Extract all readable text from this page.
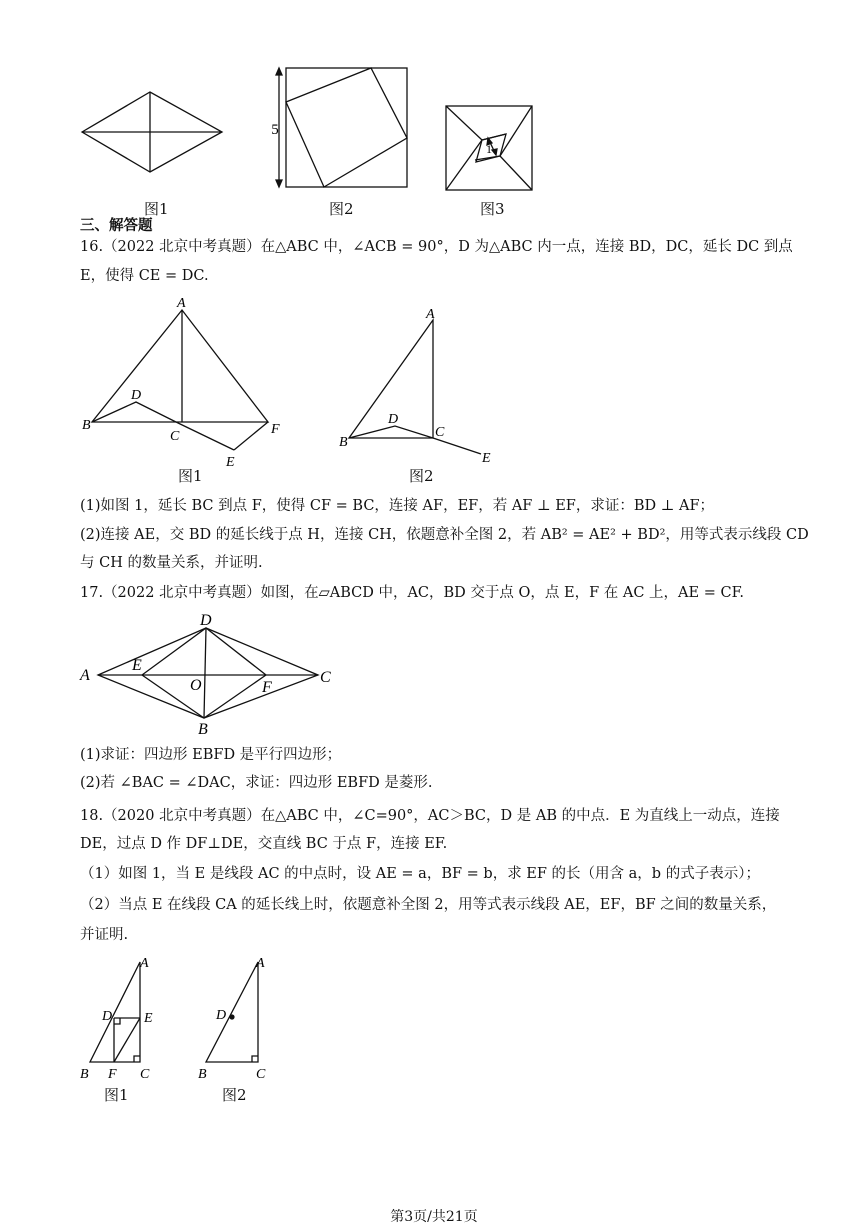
图1
5
图2
1
图3
三、解答题
16.（2022 北京中考真题）在△ABC 中，∠ACB = 90°，D 为△ABC 内一点，连接 BD，DC，延长 DC 到点
E，使得 CE = DC.
A
B
D
C	F
E
图1
A
B
D
C
E
图2
(1)如图 1，延长 BC 到点 F，使得 CF = BC，连接 AF，EF，若 AF ⊥ EF，求证：BD ⊥ AF；
(2)连接 AE，交 BD 的延长线于点 H，连接 CH，依题意补全图 2，若 AB² = AE² + BD²，用等式表示线段 CD
与 CH 的数量关系，并证明.
17.（2022 北京中考真题）如图，在▱ABCD 中，AC，BD 交于点 O，点 E，F 在 AC 上，AE = CF.
D
A
E
O	F
C
B
(1)求证：四边形 EBFD 是平行四边形；
(2)若 ∠BAC = ∠DAC，求证：四边形 EBFD 是菱形.
18.（2020 北京中考真题）在△ABC 中，∠C=90°，AC＞BC，D 是 AB 的中点．E 为直线上一动点，连接
DE，过点 D 作 DF⊥DE，交直线 BC 于点 F，连接 EF.
（1）如图 1，当 E 是线段 AC 的中点时，设 AE = a，BF = b，求 EF 的长（用含 a，b 的式子表示）；
（2）当点 E 在线段 CA 的延长线上时，依题意补全图 2，用等式表示线段 AE，EF，BF 之间的数量关系，
并证明.
A
D E
B F C
图1
A
D
B	C
图2
第3页/共21页
